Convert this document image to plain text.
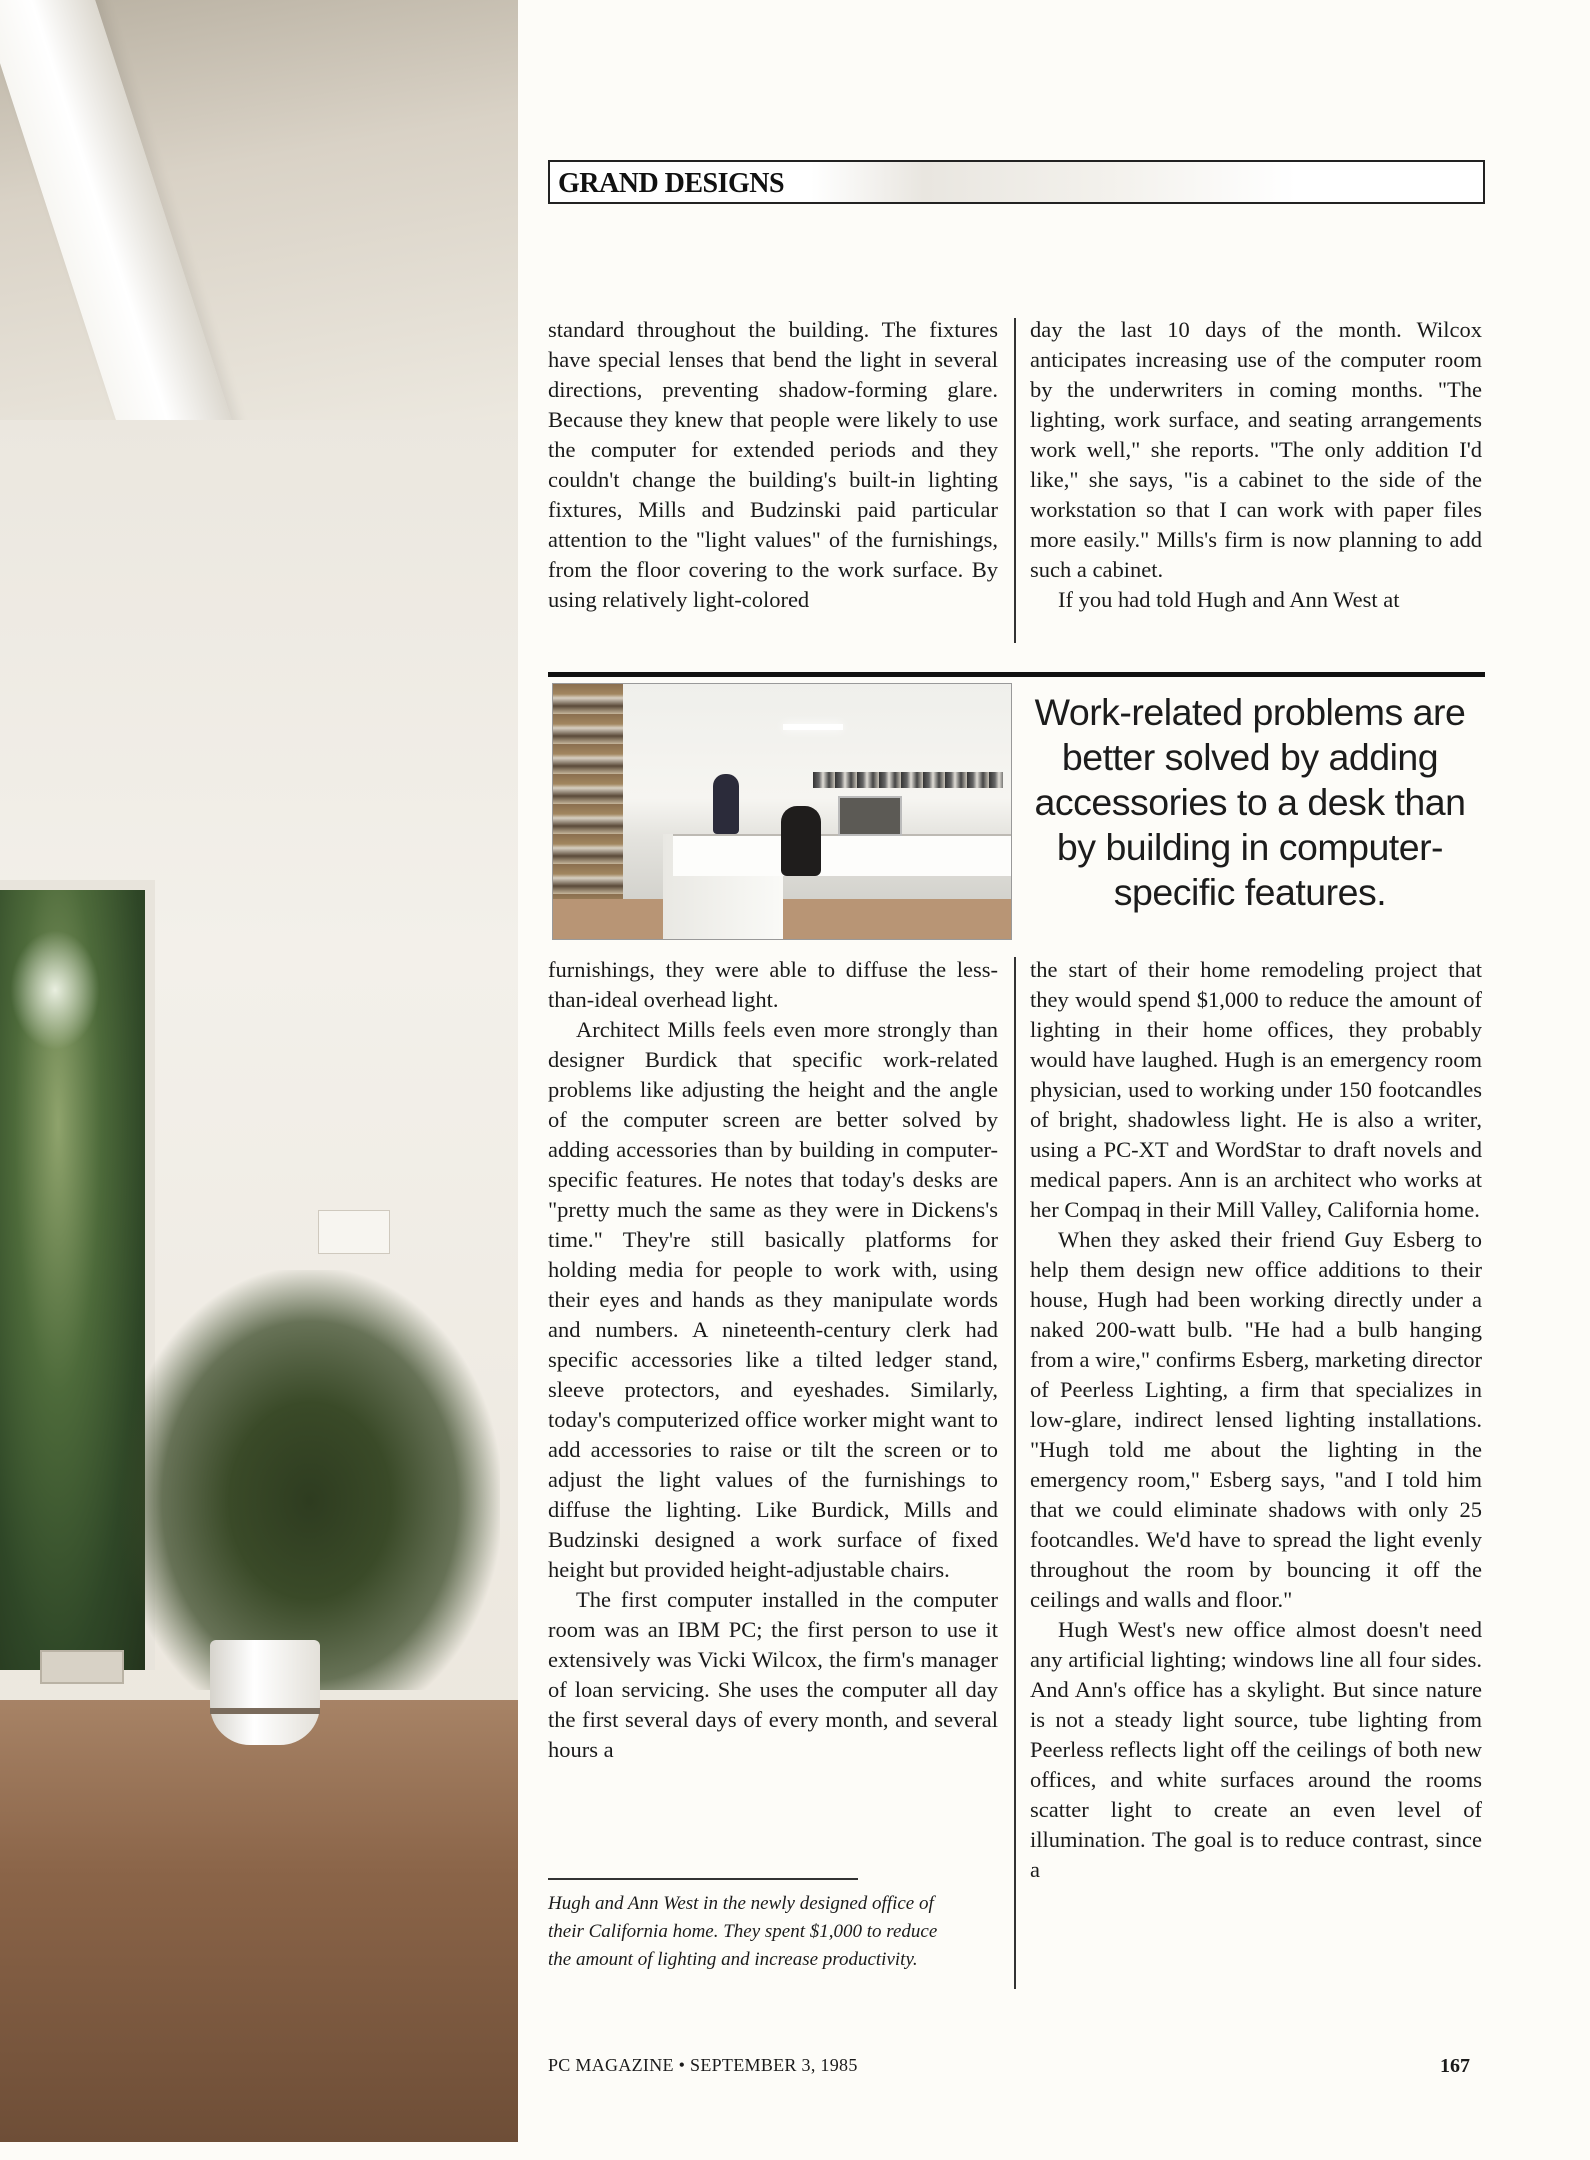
GRAND DESIGNS

standard throughout the building. The fixtures have special lenses that bend the light in several directions, preventing shadow-forming glare. Because they knew that people were likely to use the computer for extended periods and they couldn't change the building's built-in lighting fixtures, Mills and Budzinski paid particular attention to the "light values" of the furnishings, from the floor covering to the work surface. By using relatively light-colored

day the last 10 days of the month. Wilcox anticipates increasing use of the computer room by the underwriters in coming months. "The lighting, work surface, and seating arrangements work well," she reports. "The only addition I'd like," she says, "is a cabinet to the side of the workstation so that I can work with paper files more easily." Mills's firm is now planning to add such a cabinet.

If you had told Hugh and Ann West at

Work-related problems are better solved by adding accessories to a desk than by building in computer-specific features.

furnishings, they were able to diffuse the less-than-ideal overhead light.

Architect Mills feels even more strongly than designer Burdick that specific work-related problems like adjusting the height and the angle of the computer screen are better solved by adding accessories than by building in computer-specific features. He notes that today's desks are "pretty much the same as they were in Dickens's time." They're still basically platforms for holding media for people to work with, using their eyes and hands as they manipulate words and numbers. A nineteenth-century clerk had specific accessories like a tilted ledger stand, sleeve protectors, and eyeshades. Similarly, today's computerized office worker might want to add accessories to raise or tilt the screen or to adjust the light values of the furnishings to diffuse the lighting. Like Burdick, Mills and Budzinski designed a work surface of fixed height but provided height-adjustable chairs.

The first computer installed in the computer room was an IBM PC; the first person to use it extensively was Vicki Wilcox, the firm's manager of loan servicing. She uses the computer all day the first several days of every month, and several hours a

the start of their home remodeling project that they would spend $1,000 to reduce the amount of lighting in their home offices, they probably would have laughed. Hugh is an emergency room physician, used to working under 150 footcandles of bright, shadowless light. He is also a writer, using a PC-XT and WordStar to draft novels and medical papers. Ann is an architect who works at her Compaq in their Mill Valley, California home.

When they asked their friend Guy Esberg to help them design new office additions to their house, Hugh had been working directly under a naked 200-watt bulb. "He had a bulb hanging from a wire," confirms Esberg, marketing director of Peerless Lighting, a firm that specializes in low-glare, indirect lensed lighting installations. "Hugh told me about the lighting in the emergency room," Esberg says, "and I told him that we could eliminate shadows with only 25 footcandles. We'd have to spread the light evenly throughout the room by bouncing it off the ceilings and walls and floor."

Hugh West's new office almost doesn't need any artificial lighting; windows line all four sides. And Ann's office has a skylight. But since nature is not a steady light source, tube lighting from Peerless reflects light off the ceilings of both new offices, and white surfaces around the rooms scatter light to create an even level of illumination. The goal is to reduce contrast, since a

Hugh and Ann West in the newly designed office of their California home. They spent $1,000 to reduce the amount of lighting and increase productivity.
PC MAGAZINE • SEPTEMBER 3, 1985	167
